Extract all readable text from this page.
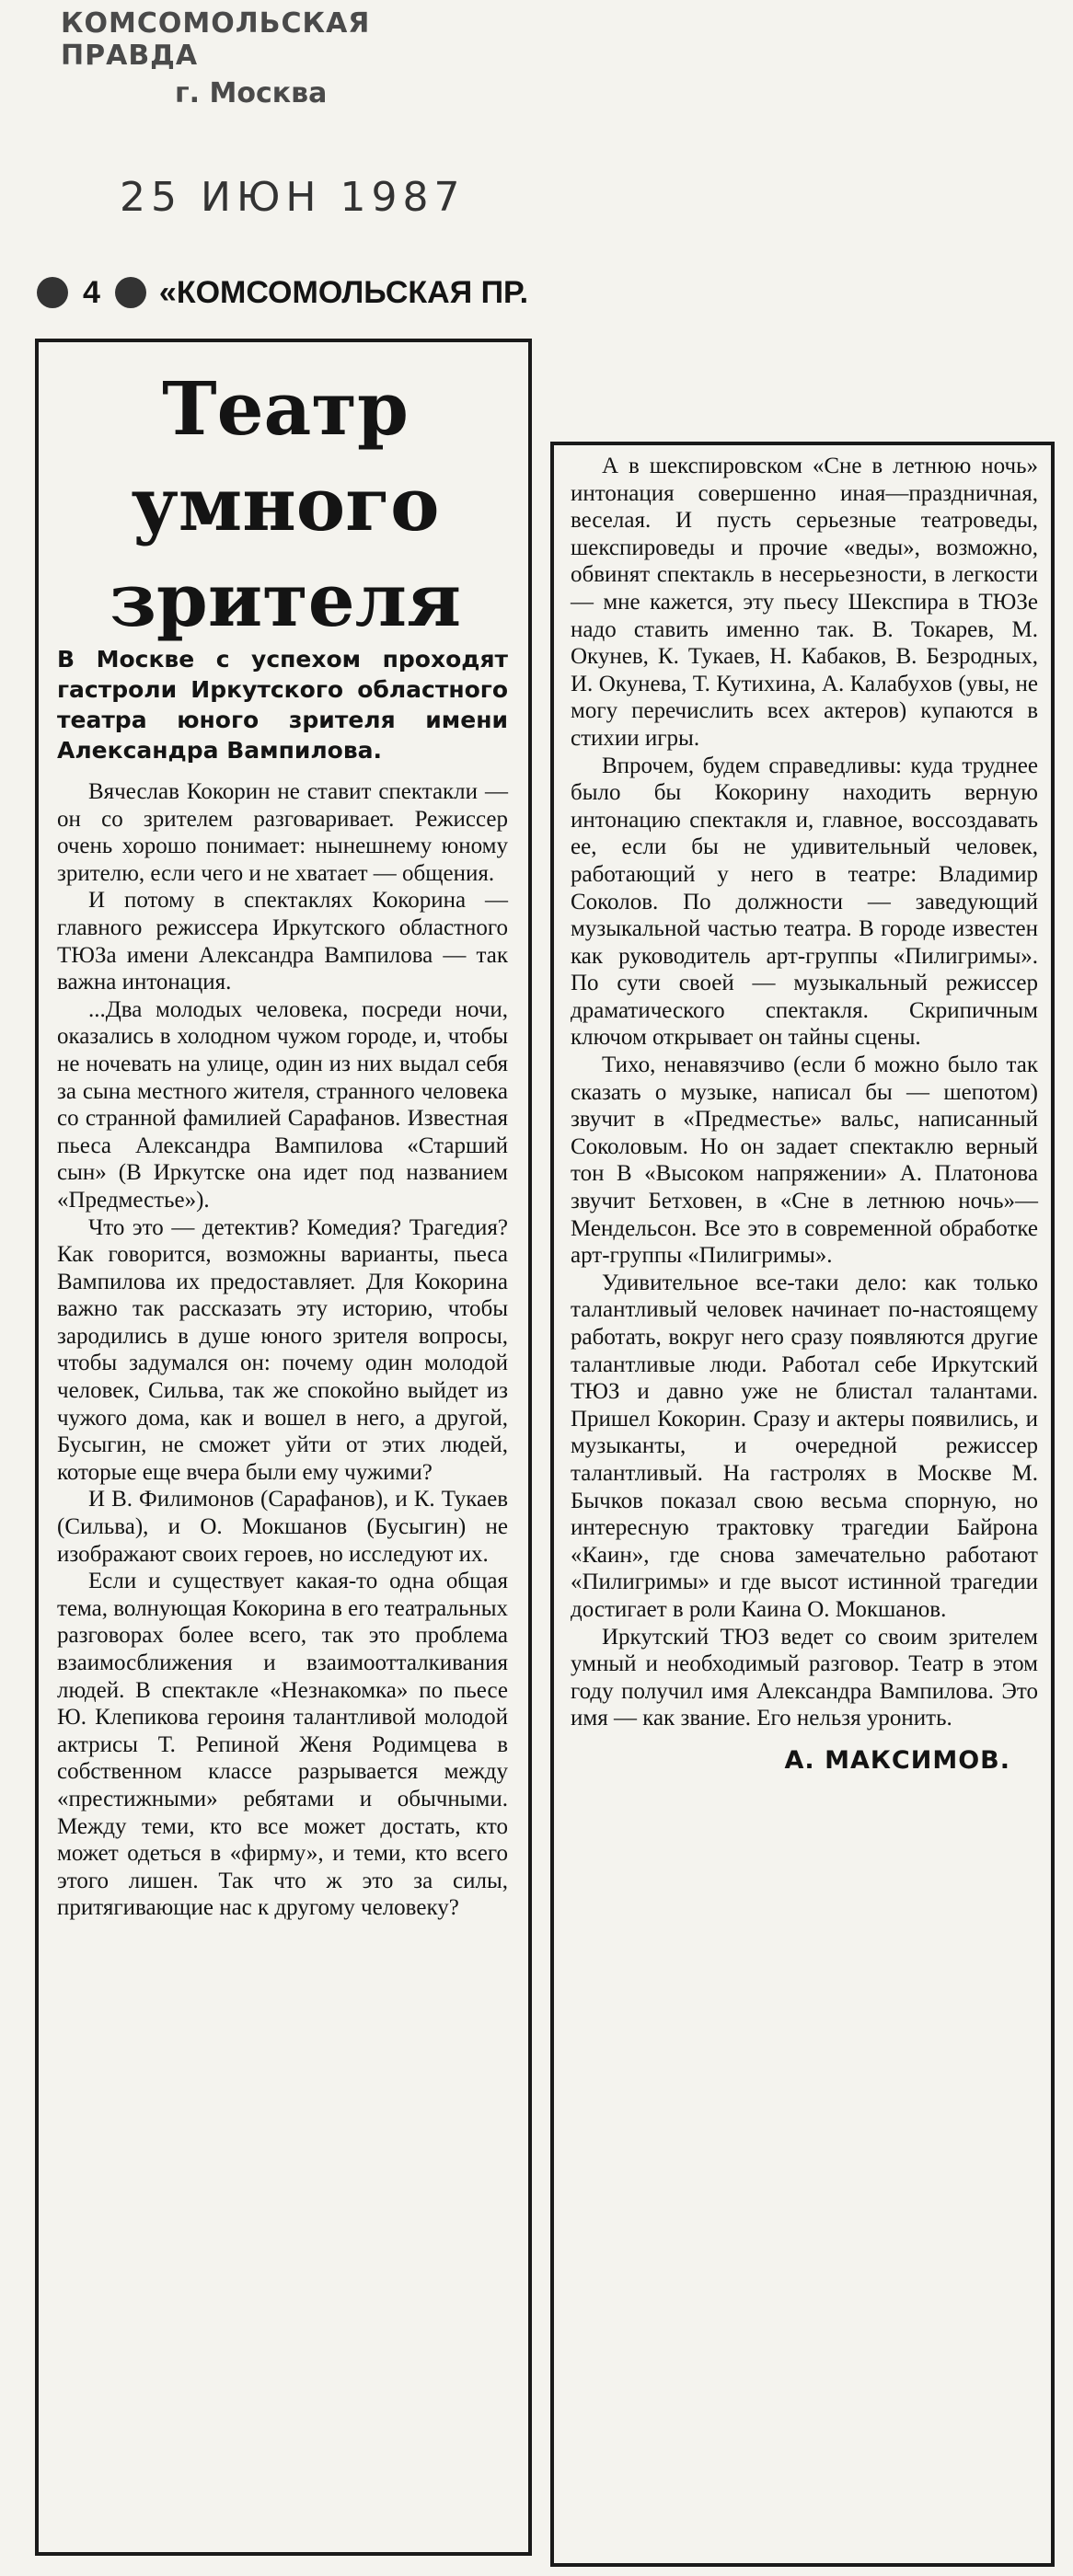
КОМСОМОЛЬСКАЯ ПРАВДА
г. Москва
25 ИЮН 1987
4 «КОМСОМОЛЬСКАЯ ПР.
Театр
умного
зрителя
В Москве с успехом проходят гастроли Иркутского областного театра юного зрителя имени Александра Вампилова.

Вячеслав Кокорин не ставит спектакли — он со зрителем разговаривает. Режиссер очень хорошо понимает: нынешнему юному зрителю, если чего и не хватает — общения.

И потому в спектаклях Кокорина — главного режиссера Иркутского областного ТЮЗа имени Александра Вампилова — так важна интонация.

...Два молодых человека, посреди ночи, оказались в холодном чужом городе, и, чтобы не ночевать на улице, один из них выдал себя за сына местного жителя, странного человека со странной фамилией Сарафанов. Известная пьеса Александра Вампилова «Старший сын» (В Иркутске она идет под названием «Предместье»).

Что это — детектив? Комедия? Трагедия? Как говорится, возможны варианты, пьеса Вампилова их предоставляет. Для Кокорина важно так рассказать эту историю, чтобы зародились в душе юного зрителя вопросы, чтобы задумался он: почему один молодой человек, Сильва, так же спокойно выйдет из чужого дома, как и вошел в него, а другой, Бусыгин, не сможет уйти от этих людей, которые еще вчера были ему чужими?

И В. Филимонов (Сарафанов), и К. Тукаев (Сильва), и О. Мокшанов (Бусыгин) не изображают своих героев, но исследуют их.

Если и существует какая-то одна общая тема, волнующая Кокорина в его театральных разговорах более всего, так это проблема взаимосближения и взаимоотталкивания людей. В спектакле «Незнакомка» по пьесе Ю. Клепикова героиня талантливой молодой актрисы Т. Репиной Женя Родимцева в собственном классе разрывается между «престижными» ребятами и обычными. Между теми, кто все может достать, кто может одеться в «фирму», и теми, кто всего этого лишен. Так что ж это за силы, притягивающие нас к другому человеку?

А в шекспировском «Сне в летнюю ночь» интонация совершенно иная—праздничная, веселая. И пусть серьезные театроведы, шекспироведы и прочие «веды», возможно, обвинят спектакль в несерьезности, в легкости — мне кажется, эту пьесу Шекспира в ТЮЗе надо ставить именно так. В. Токарев, М. Окунев, К. Тукаев, Н. Кабаков, В. Безродных, И. Окунева, Т. Кутихина, А. Калабухов (увы, не могу перечислить всех актеров) купаются в стихии игры.

Впрочем, будем справедливы: куда труднее было бы Кокорину находить верную интонацию спектакля и, главное, воссоздавать ее, если бы не удивительный человек, работающий у него в театре: Владимир Соколов. По должности — заведующий музыкальной частью театра. В городе известен как руководитель арт-группы «Пилигримы». По сути своей — музыкальный режиссер драматического спектакля. Скрипичным ключом открывает он тайны сцены.

Тихо, ненавязчиво (если б можно было так сказать о музыке, написал бы — шепотом) звучит в «Предместье» вальс, написанный Соколовым. Но он задает спектаклю верный тон В «Высоком напряжении» А. Платонова звучит Бетховен, в «Сне в летнюю ночь»— Мендельсон. Все это в современной обработке арт-группы «Пилигримы».

Удивительное все-таки дело: как только талантливый человек начинает по-настоящему работать, вокруг него сразу появляются другие талантливые люди. Работал себе Иркутский ТЮЗ и давно уже не блистал талантами. Пришел Кокорин. Сразу и актеры появились, и музыканты, и очередной режиссер талантливый. На гастролях в Москве М. Бычков показал свою весьма спорную, но интересную трактовку трагедии Байрона «Каин», где снова замечательно работают «Пилигримы» и где высот истинной трагедии достигает в роли Каина О. Мокшанов.

Иркутский ТЮЗ ведет со своим зрителем умный и необходимый разговор. Театр в этом году получил имя Александра Вампилова. Это имя — как звание. Его нельзя уронить.

А. МАКСИМОВ.
